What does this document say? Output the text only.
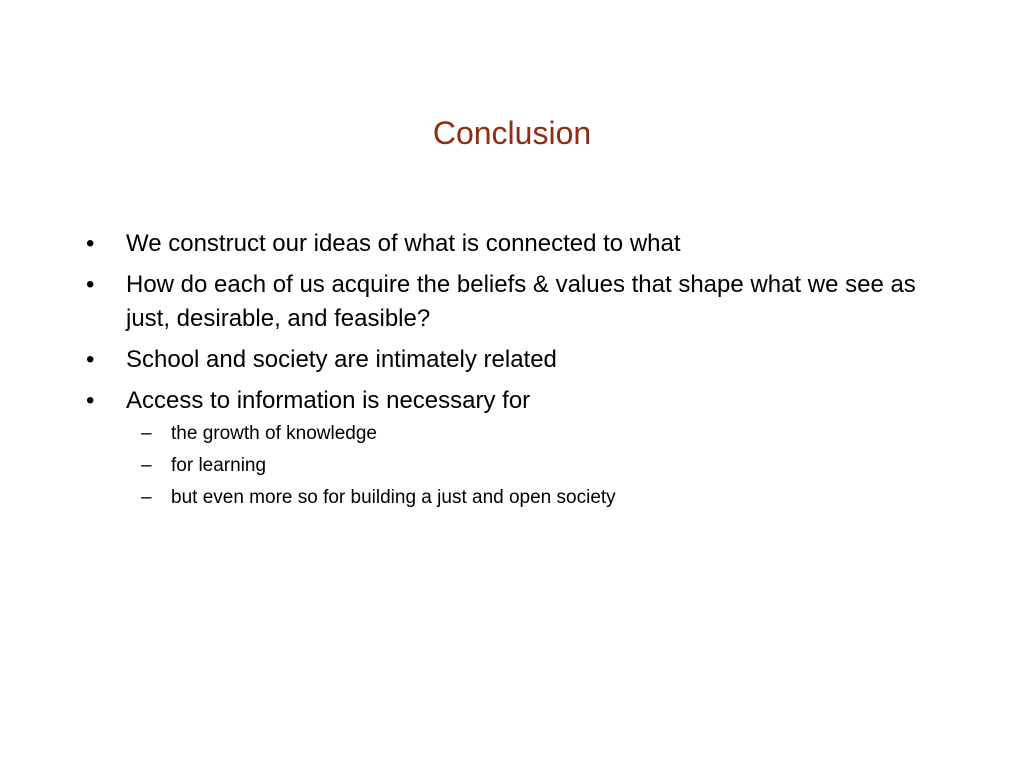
Conclusion
•	We construct our ideas of what is connected to what
•	How do each of us acquire the beliefs & values that shape what we see as just, desirable, and feasible?
•	School and society are intimately related
•	Access to information is necessary for
– the growth of knowledge
– for learning
– but even more so for building a just and open society
